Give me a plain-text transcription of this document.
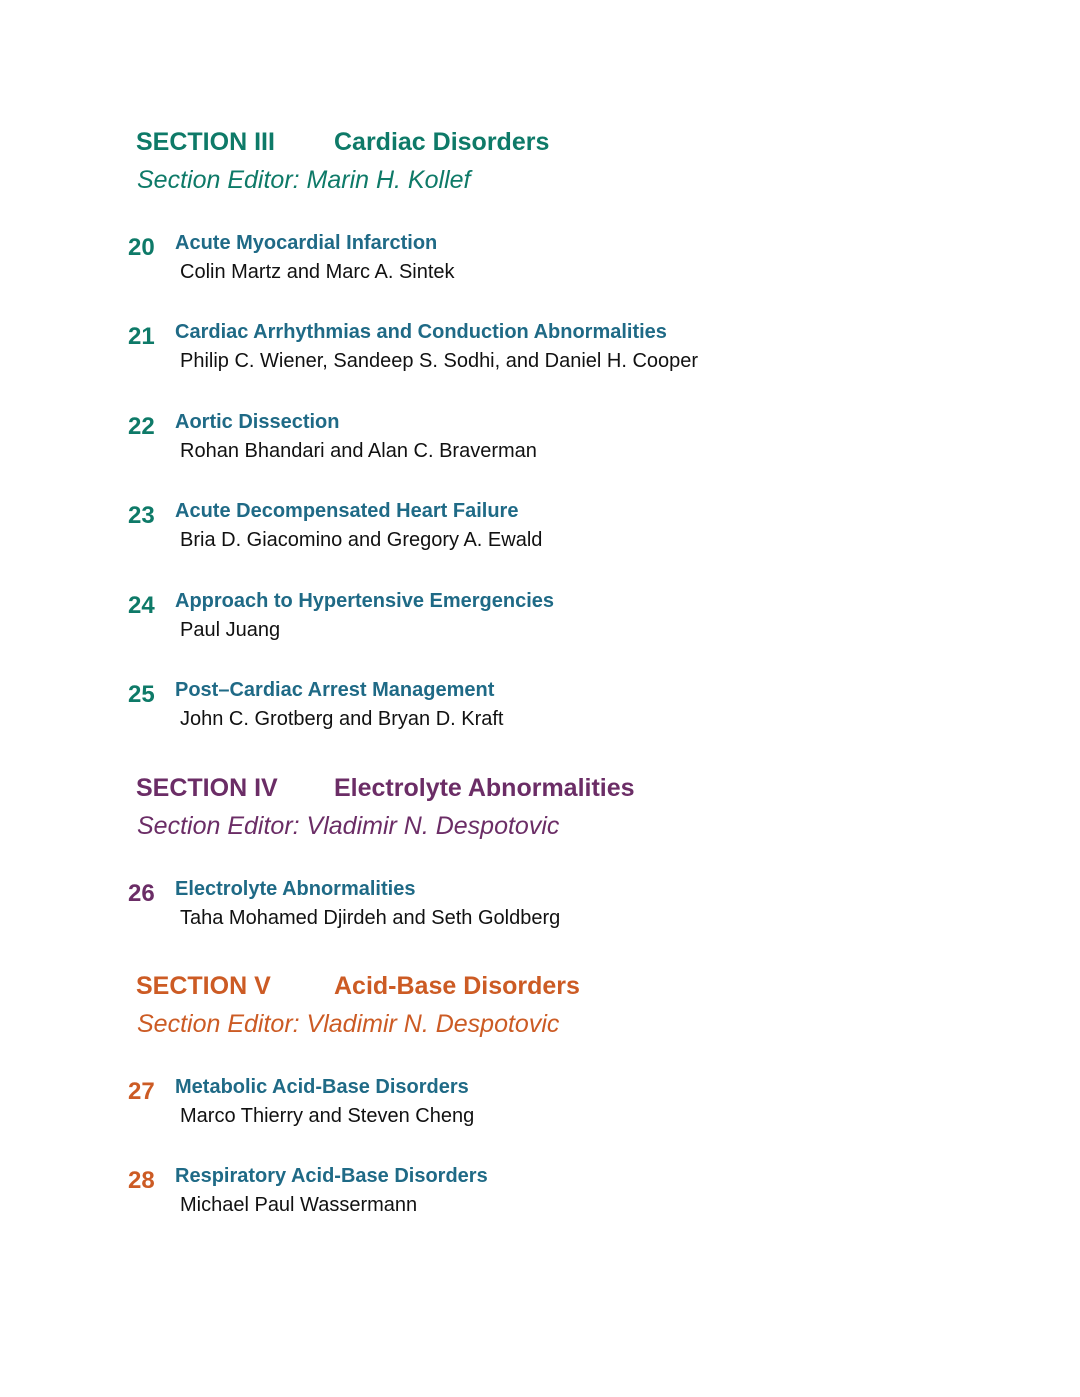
SECTION III Cardiac Disorders
Section Editor: Marin H. Kollef
20 Acute Myocardial Infarction
Colin Martz and Marc A. Sintek
21 Cardiac Arrhythmias and Conduction Abnormalities
Philip C. Wiener, Sandeep S. Sodhi, and Daniel H. Cooper
22 Aortic Dissection
Rohan Bhandari and Alan C. Braverman
23 Acute Decompensated Heart Failure
Bria D. Giacomino and Gregory A. Ewald
24 Approach to Hypertensive Emergencies
Paul Juang
25 Post–Cardiac Arrest Management
John C. Grotberg and Bryan D. Kraft
SECTION IV Electrolyte Abnormalities
Section Editor: Vladimir N. Despotovic
26 Electrolyte Abnormalities
Taha Mohamed Djirdeh and Seth Goldberg
SECTION V	Acid-Base Disorders
Section Editor: Vladimir N. Despotovic
27 Metabolic Acid-Base Disorders
Marco Thierry and Steven Cheng
28 Respiratory Acid-Base Disorders
Michael Paul Wassermann
